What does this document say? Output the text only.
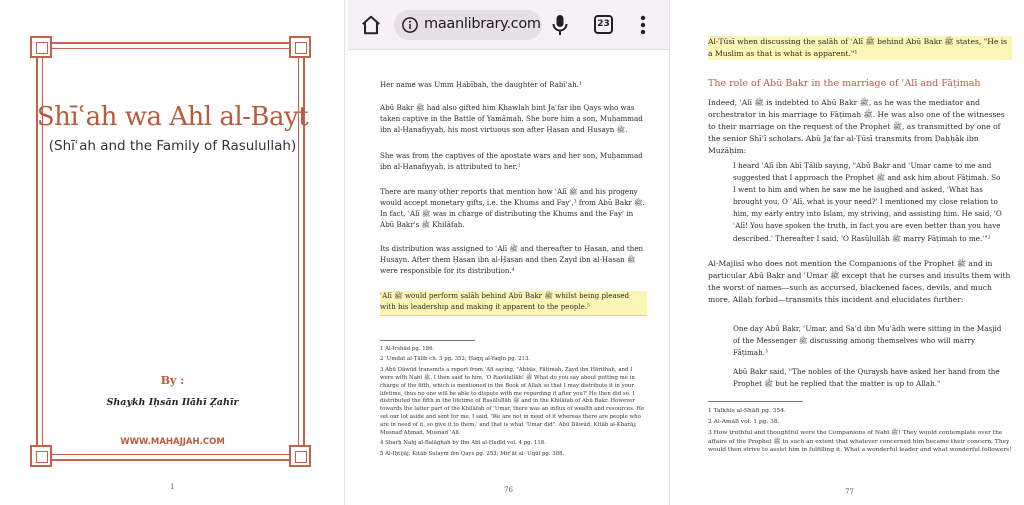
Shīʿah wa Ahl al-Bayt
(Shīʿah and the Family of Rasulullah)
By :
Shaykh Iḥsān Ilāhī Ẓahīr
WWW.MAHAJJAH.COM
1
maanlibrary.com	23

Her name was Umm Ḥabībah, the daughter of Rabīʿah.¹

Abū Bakr ﷺ had also gifted him Khawlah bint Jaʿfar ibn Qays who was taken captive in the Battle of Yamāmah. She bore him a son, Muḥammad ibn al-Ḥanafiyyah, his most virtuous son after Ḥasan and Ḥusayn ﷺ.

She was from the captives of the apostate wars and her son, Muḥammad ibn al-Ḥanafiyyah, is attributed to her.²

There are many other reports that mention how ʿAlī ﷺ and his progeny would accept monetary gifts, i.e. the Khums and Fayʾ,³ from Abū Bakr ﷺ. In fact, ʿAlī ﷺ was in charge of distributing the Khums and the Fayʾ in Abū Bakr's ﷺ Khilāfah.

Its distribution was assigned to ʿAlī ﷺ and thereafter to Ḥasan, and then Ḥusayn. After them Ḥasan ibn al-Ḥasan and then Zayd ibn al-Ḥasan ﷺ were responsible for its distribution.⁴

ʿAlī ﷺ would perform ṣalāh behind Abū Bakr ﷺ whilst being pleased with his leadership and making it apparent to the people.⁵

1 Al-Irshād pg. 186.

2 ʿUmdat al-Ṭālib ch. 3 pg. 352; Ḥaqq al-Yaqīn pg. 213.

3 Abū Dāwūd transmits a report from ʿAlī saying, "Abbās, Fāṭimah, Zayd ibn Ḥārithah, and I were with Nabī ﷺ. I then said to him, 'O Rasūlullāh! ﷺ What do you say about putting me in charge of the fifth, which is mentioned in the Book of Allah so that I may distribute it in your lifetime, thus no one will be able to dispute with me regarding it after you?' He then did so. I distributed the fifth in the lifetime of Rasūlullāh ﷺ and in the Khilāfah of Abū Bakr. However towards the latter part of the Khilāfah of ʿUmar, there was an influx of wealth and resources. He set our lot aside and sent for me. I said, 'We are not in need of it whereas there are people who are in need of it, so give it to them,' and that is what ʿUmar did". Abū Dāwūd, Kitāb al-Kharāj; Musnad Aḥmad, Musnad ʿAlī.

4 Sharḥ Nahj al-Balāghah by Ibn Abī al-Ḥadīd vol. 4 pg. 118.

5 Al-Iḥtijāj; Kitāb Sulaym ibn Qays pg. 253; Mirʾāt al-ʿUqūl pg. 388.

76

Al-Ṭūsī when discussing the ṣalāh of ʿAlī ﷺ behind Abū Bakr ﷺ states, "He is a Muslim as that is what is apparent."¹

The role of Abū Bakr in the marriage of ʿAlī and Fāṭimah

Indeed, ʿAlī ﷺ is indebted to Abū Bakr ﷺ, as he was the mediator and orchestrator in his marriage to Fāṭimah ﷺ. He was also one of the witnesses to their marriage on the request of the Prophet ﷺ, as transmitted by one of the senior Shīʿī scholars. Abū Jaʿfar al-Ṭūsī transmits from Ḍaḥḥāk ibn Muzāḥim:

I heard ʿAlī ibn Abī Ṭālib saying, "Abū Bakr and ʿUmar came to me and suggested that I approach the Prophet ﷺ and ask him about Fāṭimah. So I went to him and when he saw me he laughed and asked, 'What has brought you, O ʿAlī, what is your need?' I mentioned my close relation to him, my early entry into Islam, my striving, and assisting him. He said, 'O ʿAlī! You have spoken the truth, in fact you are even better than you have described.' Thereafter I said, 'O Rasūlullāh ﷺ marry Fāṭimah to me.'"²

Al-Majlisī who does not mention the Companions of the Prophet ﷺ and in particular Abū Bakr and ʿUmar ﷺ except that he curses and insults them with the worst of names—such as accursed, blackened faces, devils, and much more, Allah forbid—transmits this incident and elucidates further:

One day Abū Bakr, ʿUmar, and Saʿd ibn Muʿādh were sitting in the Masjid of the Messenger ﷺ discussing among themselves who will marry Fāṭimah.³

Abū Bakr said, "The nobles of the Quraysh have asked her hand from the Prophet ﷺ but he replied that the matter is up to Allah."

1 Talkhīṣ al-Shāfī pg. 354.

2 Al-Amālī vol. 1 pg. 38.

3 How truthful and thoughtful were the Companions of Nabī ﷺ! They would contemplate over the affairs of the Prophet ﷺ to such an extent that whatever concerned him became their concern. They would then strive to assist him in fulfilling it. What a wonderful leader and what wonderful followers!

77
